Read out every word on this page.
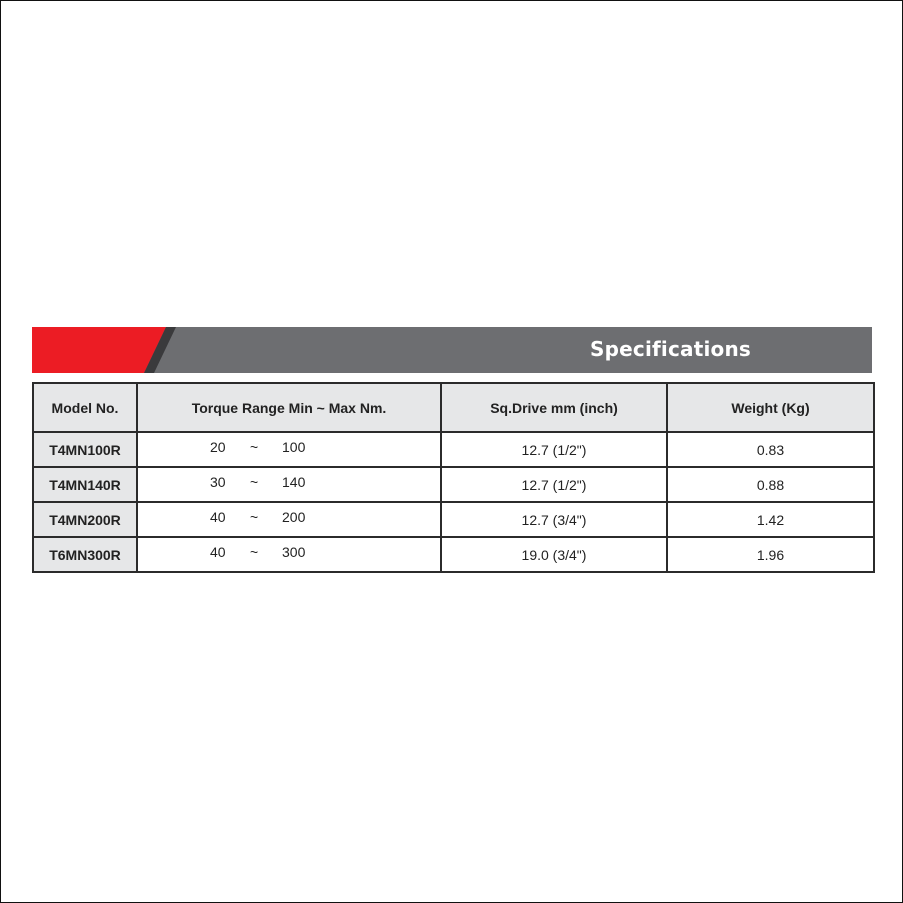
Specifications
Model No.	Torque Range Min ~ Max Nm.	Sq.Drive mm (inch)	Weight (Kg)
T4MN100R	20 ~ 100	12.7 (1/2")	0.83
T4MN140R	30 ~ 140	12.7 (1/2")	0.88
T4MN200R	40 ~ 200	12.7 (3/4")	1.42
T6MN300R	40 ~ 300	19.0 (3/4")	1.96
